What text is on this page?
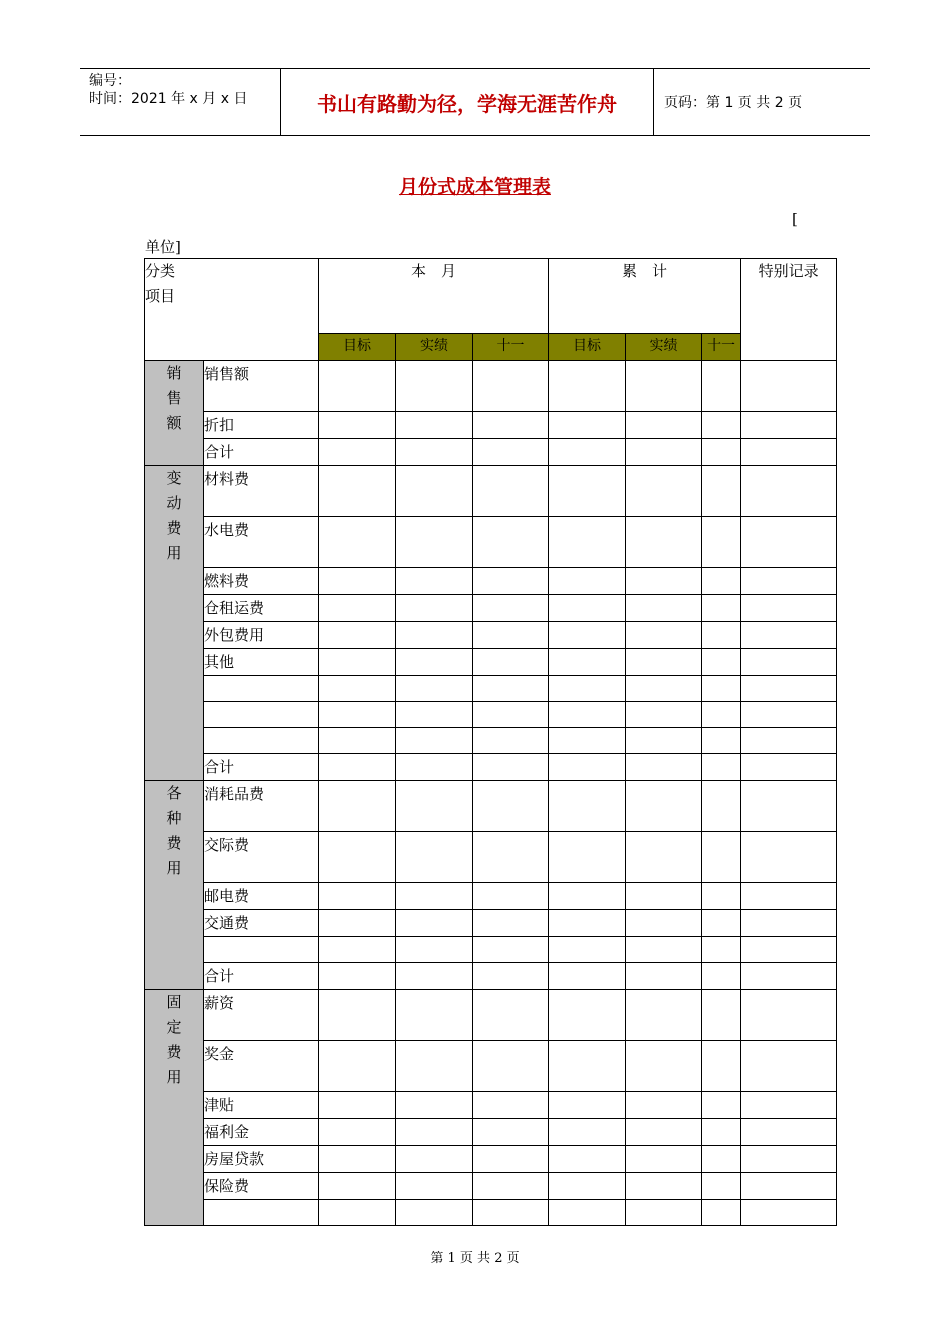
编号：
时间：2021 年 x 月 x 日	书山有路勤为径，学海无涯苦作舟	页码：第 1 页 共 2 页
月份式成本管理表
[
单位]
分类
项目		本　月			累　计			特别记录
		目标	实绩	十一	目标	实绩	十一	
销售额	销售额							

	折扣							

	合计							

变动费用	材料费							

	水电费							

	燃料费							

	仓租运费							

	外包费用							

	其他							

	合计							

各种费用	消耗品费							

	交际费							

	邮电费							

	交通费							

	合计							

固定费用	薪资							

	奖金							

	津贴							

	福利金							

	房屋贷款							

	保险费							

第 1 页 共 2 页
